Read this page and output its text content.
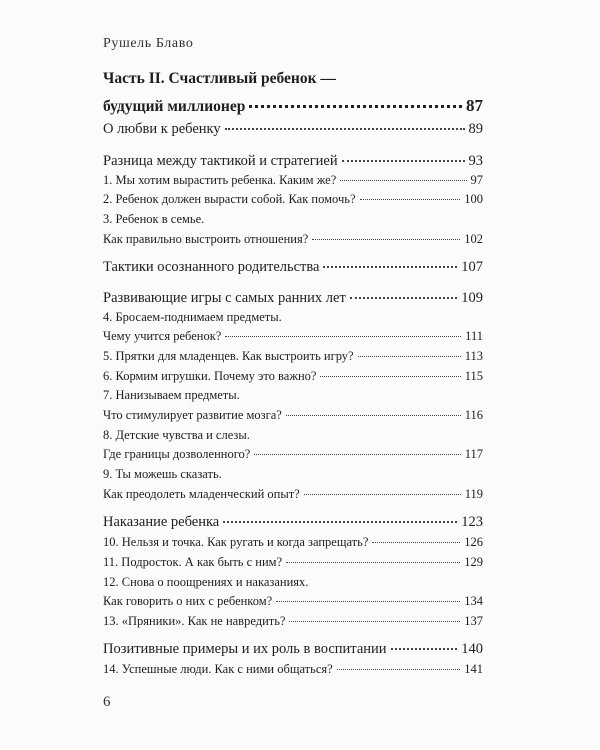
Рушель Блаво
Часть II. Счастливый ребенок —
будущий миллионер	87
О любви к ребенку	89
Разница между тактикой и стратегией	93
1. Мы хотим вырастить ребенка. Каким же?	97
2. Ребенок должен вырасти собой. Как помочь?	100
3. Ребенок в семье.
Как правильно выстроить отношения?	102
Тактики осознанного родительства	107
Развивающие игры с самых ранних лет	109
4. Бросаем-поднимаем предметы.
Чему учится ребенок?	111
5. Прятки для младенцев. Как выстроить игру?	113
6. Кормим игрушки. Почему это важно?	115
7. Нанизываем предметы.
Что стимулирует развитие мозга?	116
8. Детские чувства и слезы.
Где границы дозволенного?	117
9. Ты можешь сказать.
Как преодолеть младенческий опыт?	119
Наказание ребенка	123
10. Нельзя и точка. Как ругать и когда запрещать?	126
11. Подросток. А как быть с ним?	129
12. Снова о поощрениях и наказаниях.
Как говорить о них с ребенком?	134
13. «Пряники». Как не навредить?	137
Позитивные примеры и их роль в воспитании	140
14. Успешные люди. Как с ними общаться?	141
6
